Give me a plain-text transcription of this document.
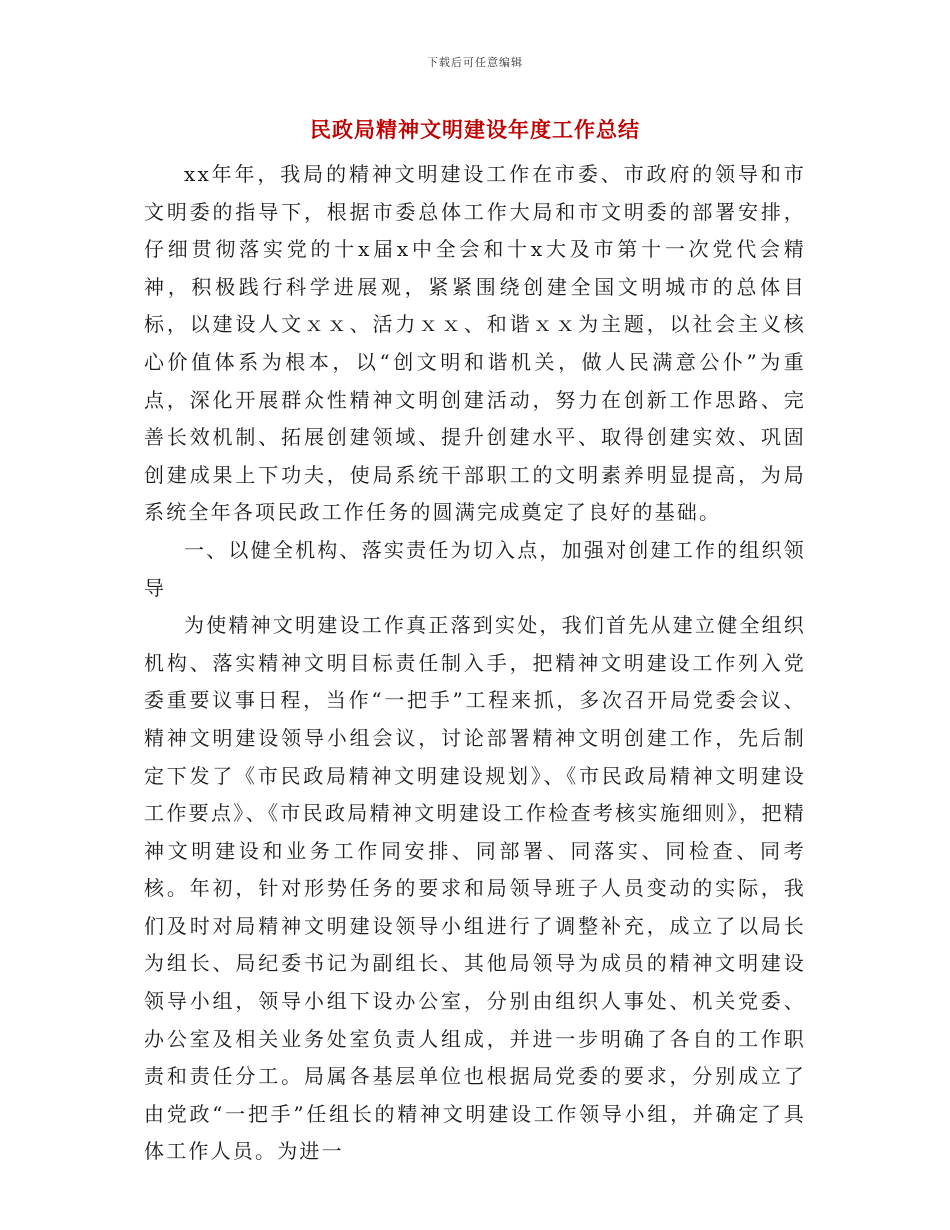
下载后可任意编辑
民政局精神文明建设年度工作总结

xx年年，我局的精神文明建设工作在市委、市政府的领导和市文明委的指导下，根据市委总体工作大局和市文明委的部署安排，仔细贯彻落实党的十x届x中全会和十x大及市第十一次党代会精神，积极践行科学进展观，紧紧围绕创建全国文明城市的总体目标，以建设人文ｘｘ、活力ｘｘ、和谐ｘｘ为主题，以社会主义核心价值体系为根本，以“创文明和谐机关，做人民满意公仆”为重点，深化开展群众性精神文明创建活动，努力在创新工作思路、完善长效机制、拓展创建领域、提升创建水平、取得创建实效、巩固创建成果上下功夫，使局系统干部职工的文明素养明显提高，为局系统全年各项民政工作任务的圆满完成奠定了良好的基础。

一、以健全机构、落实责任为切入点，加强对创建工作的组织领导

为使精神文明建设工作真正落到实处，我们首先从建立健全组织机构、落实精神文明目标责任制入手，把精神文明建设工作列入党委重要议事日程，当作“一把手”工程来抓，多次召开局党委会议、精神文明建设领导小组会议，讨论部署精神文明创建工作，先后制定下发了《市民政局精神文明建设规划》、《市民政局精神文明建设工作要点》、《市民政局精神文明建设工作检查考核实施细则》，把精神文明建设和业务工作同安排、同部署、同落实、同检查、同考核。年初，针对形势任务的要求和局领导班子人员变动的实际，我们及时对局精神文明建设领导小组进行了调整补充，成立了以局长为组长、局纪委书记为副组长、其他局领导为成员的精神文明建设领导小组，领导小组下设办公室，分别由组织人事处、机关党委、办公室及相关业务处室负责人组成，并进一步明确了各自的工作职责和责任分工。局属各基层单位也根据局党委的要求，分别成立了由党政“一把手”任组长的精神文明建设工作领导小组，并确定了具体工作人员。为进一
